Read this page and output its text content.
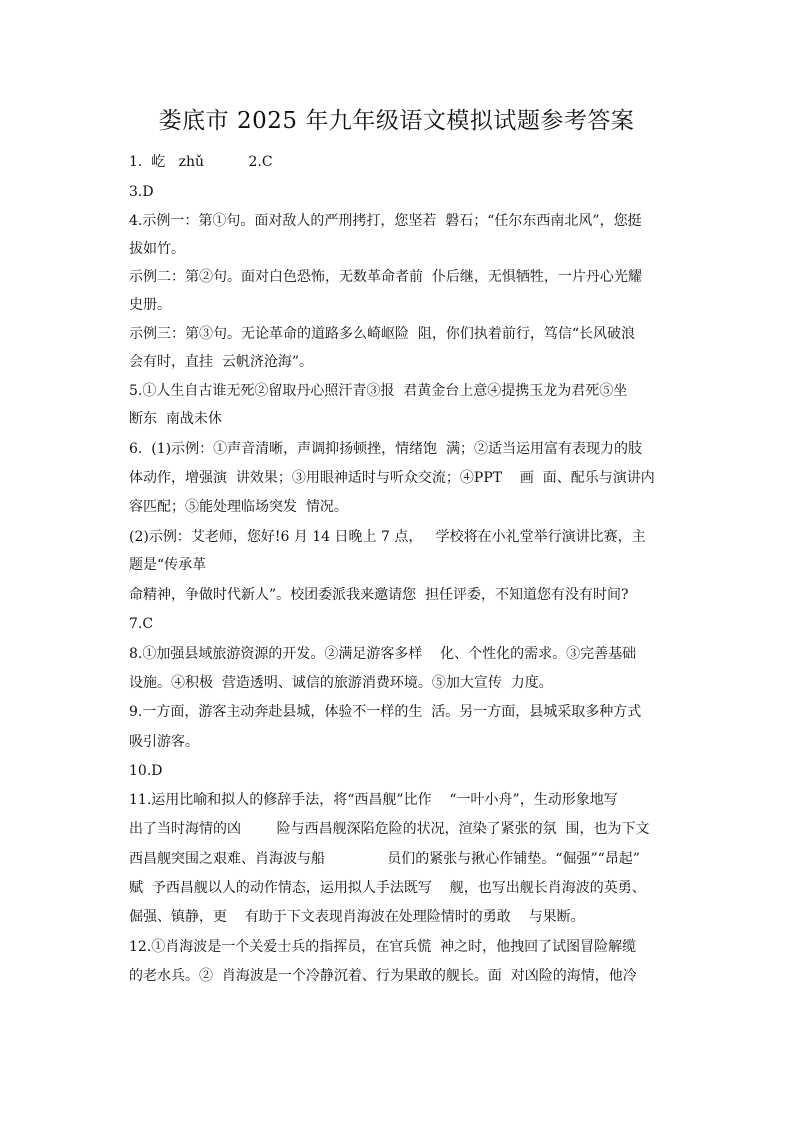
娄底市 2025 年九年级语文模拟试题参考答案
1.  屹   zhǔ          2.C
3.D
4.示例一：第①句。面对敌人的严刑拷打，您坚若  磐石；“任尔东西南北风”，您挺
拔如竹。
示例二：第②句。面对白色恐怖，无数革命者前  仆后继，无惧牺牲，一片丹心光耀
史册。
示例三：第③句。无论革命的道路多么崎岖险  阻，你们执着前行，笃信“长风破浪
会有时，直挂  云帆济沧海”。
5.①人生自古谁无死②留取丹心照汗青③报  君黄金台上意④提携玉龙为君死⑤坐
断东  南战未休
6.  (1)示例：①声音清晰，声调抑扬顿挫，情绪饱  满；②适当运用富有表现力的肢
体动作，增强演  讲效果；③用眼神适时与听众交流；④PPT    画  面、配乐与演讲内
容匹配；⑤能处理临场突发  情况。
(2)示例：艾老师，您好!6 月 14 日晚上 7 点，   学校将在小礼堂举行演讲比赛，主
题是“传承革
命精神，争做时代新人”。校团委派我来邀请您  担任评委，不知道您有没有时间?
7.C
8.①加强县域旅游资源的开发。②满足游客多样    化、个性化的需求。③完善基础
设施。④积极  营造透明、诚信的旅游消费环境。⑤加大宣传  力度。
9.一方面，游客主动奔赴县城，体验不一样的生  活。另一方面，县城采取多种方式
吸引游客。
10.D
11.运用比喻和拟人的修辞手法，将“西昌舰”比作    “一叶小舟”，生动形象地写
出了当时海情的凶        险与西昌舰深陷危险的状况，渲染了紧张的氛  围，也为下文
西昌舰突围之艰难、肖海波与船              员们的紧张与揪心作铺垫。“倔强”“昂起”
赋  予西昌舰以人的动作情态，运用拟人手法既写    舰，也写出舰长肖海波的英勇、
倔强、镇静，更    有助于下文表现肖海波在处理险情时的勇敢    与果断。
12.①肖海波是一个关爱士兵的指挥员，在官兵慌  神之时，他拽回了试图冒险解缆
的老水兵。②  肖海波是一个冷静沉着、行为果敢的舰长。面  对凶险的海情，他冷
